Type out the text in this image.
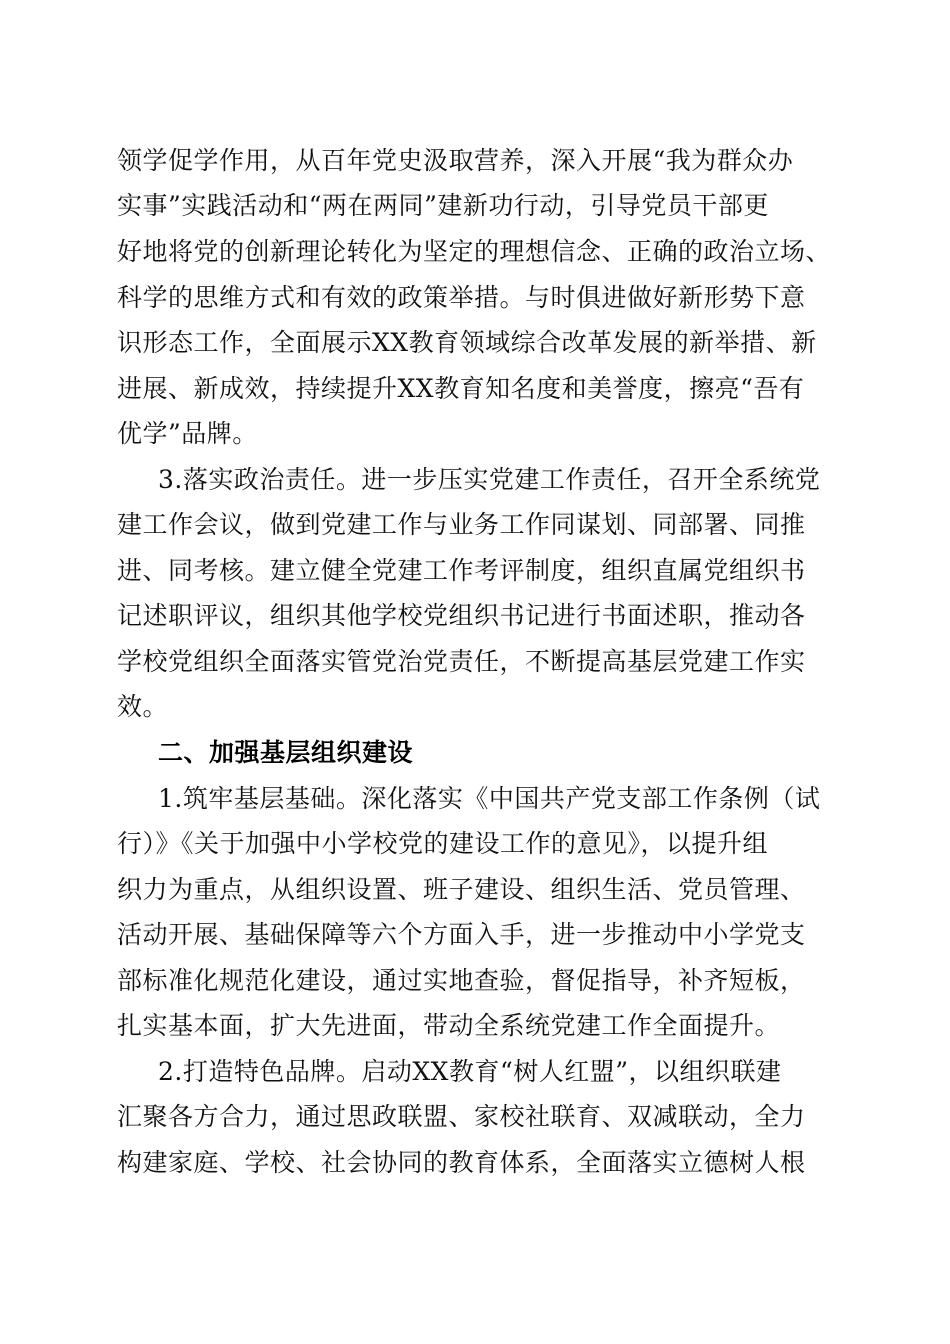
领学促学作用，从百年党史汲取营养，深入开展“我为群众办
实事”实践活动和“两在两同”建新功行动，引导党员干部更
好地将党的创新理论转化为坚定的理想信念、正确的政治立场、
科学的思维方式和有效的政策举措。与时俱进做好新形势下意
识形态工作，全面展示XX教育领域综合改革发展的新举措、新
进展、新成效，持续提升XX教育知名度和美誉度，擦亮“吾有
优学”品牌。
3.落实政治责任。进一步压实党建工作责任，召开全系统党
建工作会议，做到党建工作与业务工作同谋划、同部署、同推
进、同考核。建立健全党建工作考评制度，组织直属党组织书
记述职评议，组织其他学校党组织书记进行书面述职，推动各
学校党组织全面落实管党治党责任，不断提高基层党建工作实
效。
二、加强基层组织建设
1.筑牢基层基础。深化落实《中国共产党支部工作条例（试
行）》《关于加强中小学校党的建设工作的意见》，以提升组
织力为重点，从组织设置、班子建设、组织生活、党员管理、
活动开展、基础保障等六个方面入手，进一步推动中小学党支
部标准化规范化建设，通过实地查验，督促指导，补齐短板，
扎实基本面，扩大先进面，带动全系统党建工作全面提升。
2.打造特色品牌。启动XX教育“树人红盟”，以组织联建
汇聚各方合力，通过思政联盟、家校社联育、双减联动，全力
构建家庭、学校、社会协同的教育体系，全面落实立德树人根
